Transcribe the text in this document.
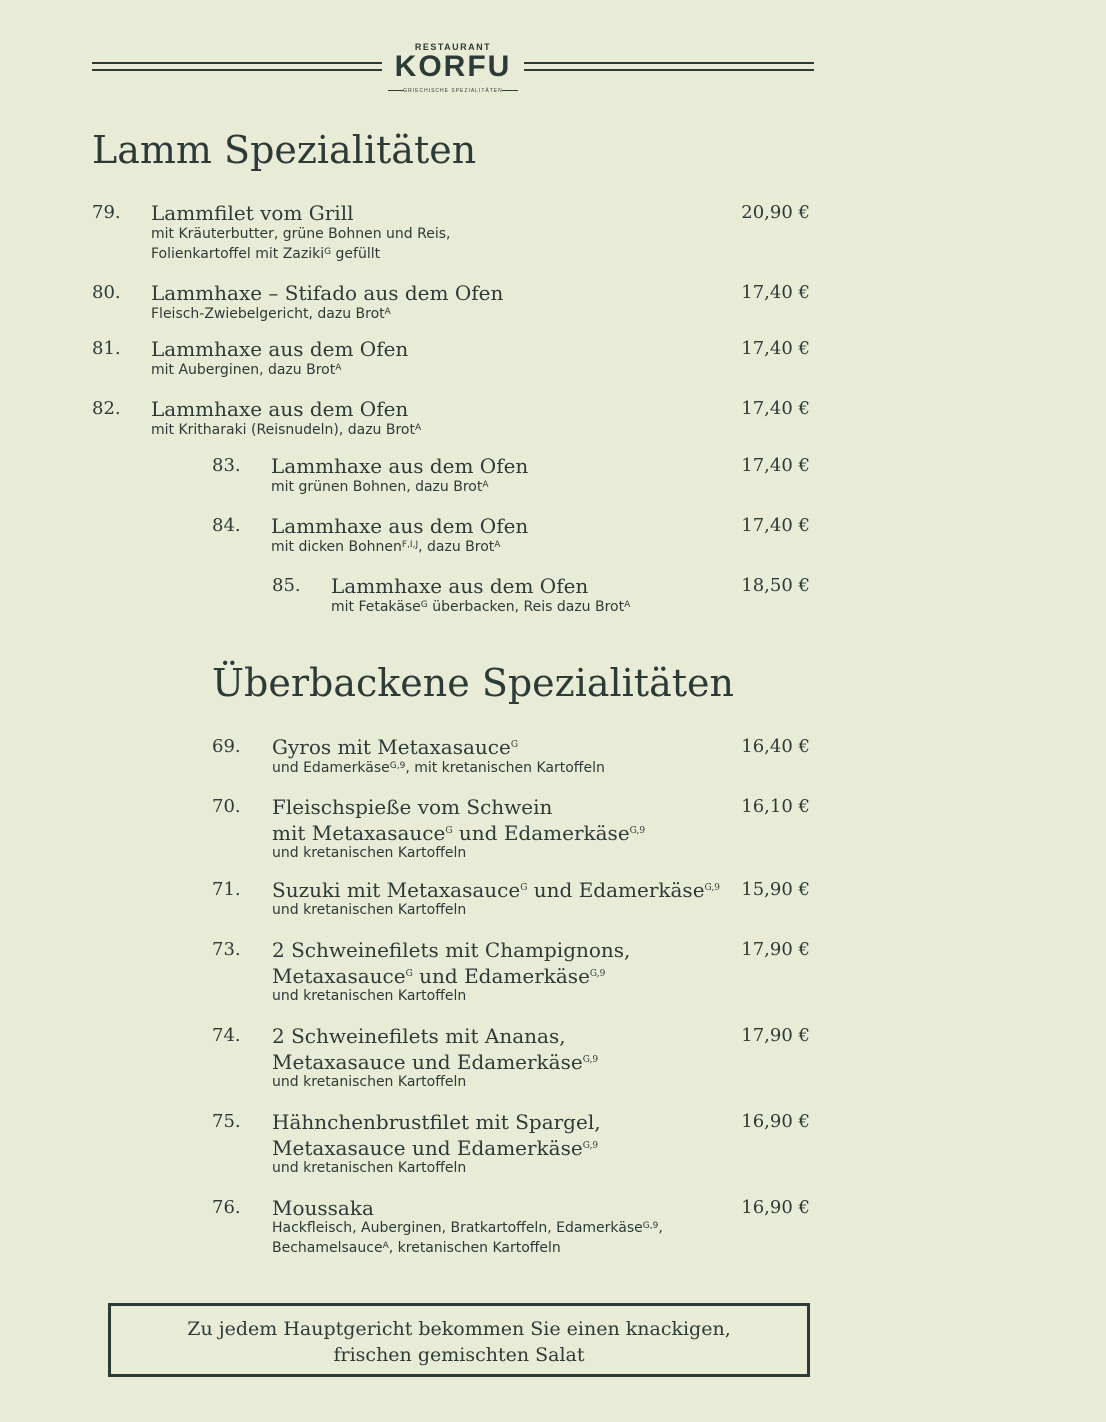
RESTAURANT
KORFU
GRIECHISCHE SPEZIALITÄTEN
Lamm Spezialitäten
79. Lammfilet vom Grill
mit Kräuterbutter, grüne Bohnen und Reis,
Folienkartoffel mit Zaziki$^G$ gefüllt
20,90 €
80. Lammhaxe – Stifado aus dem Ofen
Fleisch-Zwiebelgericht, dazu Brot$^A$
17,40 €
81. Lammhaxe aus dem Ofen
mit Auberginen, dazu Brot$^A$
17,40 €
82. Lammhaxe aus dem Ofen
mit Kritharaki (Reisnudeln), dazu Brot$^A$
17,40 €
83. Lammhaxe aus dem Ofen
mit grünen Bohnen, dazu Brot$^A$
17,40 €
84. Lammhaxe aus dem Ofen
mit dicken Bohnen$^{F,I,J}$, dazu Brot$^A$
17,40 €
85. Lammhaxe aus dem Ofen
mit Fetakäse$^G$ überbacken, Reis dazu Brot$^A$
18,50 €
Überbackene Spezialitäten
69. Gyros mit Metaxasauce$^G$
und Edamerkäse$^{G,9}$, mit kretanischen Kartoffeln
16,40 €
70. Fleischspieße vom Schwein
mit Metaxasauce$^G$ und Edamerkäse$^{G,9}$
und kretanischen Kartoffeln
16,10 €
71. Suzuki mit Metaxasauce$^G$ und Edamerkäse$^{G,9}$
und kretanischen Kartoffeln
15,90 €
73. 2 Schweinefilets mit Champignons,
Metaxasauce$^G$ und Edamerkäse$^{G,9}$
und kretanischen Kartoffeln
17,90 €
74. 2 Schweinefilets mit Ananas,
Metaxasauce und Edamerkäse$^{G,9}$
und kretanischen Kartoffeln
17,90 €
75. Hähnchenbrustfilet mit Spargel,
Metaxasauce und Edamerkäse$^{G,9}$
und kretanischen Kartoffeln
16,90 €
76. Moussaka
Hackfleisch, Auberginen, Bratkartoffeln, Edamerkäse$^{G,9}$,
Bechamelsauce$^A$, kretanischen Kartoffeln
16,90 €
Zu jedem Hauptgericht bekommen Sie einen knackigen,
frischen gemischten Salat
